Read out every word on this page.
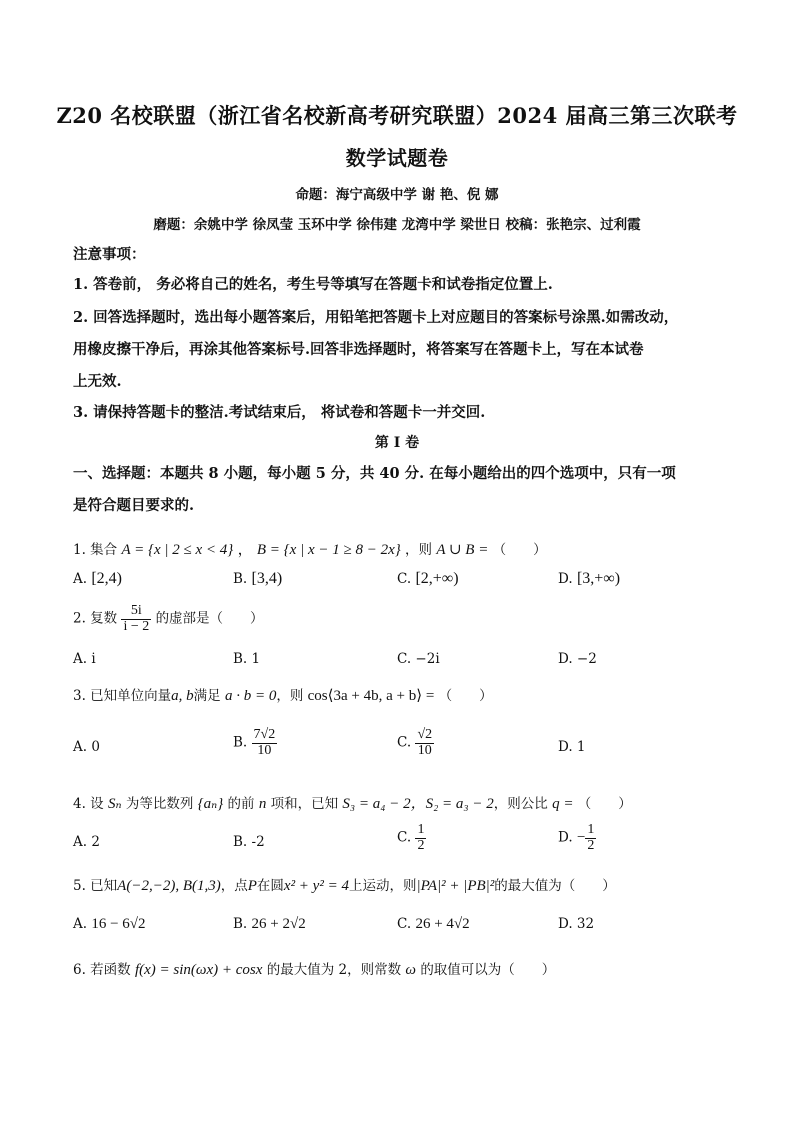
Z20 名校联盟（浙江省名校新高考研究联盟）2024 届高三第三次联考
数学试题卷
命题：海宁高级中学 谢 艳、倪 娜
磨题：余姚中学 徐凤莹 玉环中学 徐伟建 龙湾中学 梁世日 校稿：张艳宗、过利霞
注意事项：
1. 答卷前， 务必将自己的姓名，考生号等填写在答题卡和试卷指定位置上.
2. 回答选择题时，选出每小题答案后，用铅笔把答题卡上对应题目的答案标号涂黑.如需改动，
用橡皮擦干净后，再涂其他答案标号.回答非选择题时，将答案写在答题卡上，写在本试卷
上无效.
3. 请保持答题卡的整洁.考试结束后， 将试卷和答题卡一并交回.
第 I 卷
一、选择题：本题共 8 小题，每小题 5 分，共 40 分. 在每小题给出的四个选项中，只有一项
是符合题目要求的.
1. 集合 A = {x | 2 ≤ x < 4} ， B = {x | x − 1 ≥ 8 − 2x} ，则 A ∪ B = （　　）
A. [2,4)	B. [3,4)	C. [2,+∞)	D. [3,+∞)
2. 复数 $\frac{5i}{i - 2}$ 的虚部是（　　）
A. i	B. 1	C. −2i	D. −2
3. 已知单位向量a, b满足 a · b = 0，则 cos⟨3a + 4b, a + b⟩ = （　　）
A. 0	B. $\frac{7√2}{10}$	C. $\frac{√2}{10}$	D. 1
4. 设 Sₙ 为等比数列 {aₙ} 的前 n 项和，已知 S₃ = a₄ − 2，S₂ = a₃ − 2，则公比 q = （　　）
A. 2	B. -2	C. $\frac{1}{2}$	D. − $\frac{1}{2}$
5. 已知A(−2,−2), B(1,3)，点P在圆x² + y² = 4上运动，则|PA|² + |PB|²的最大值为（　　）
A. 16 − 6√2	B. 26 + 2√2	C. 26 + 4√2	D. 32
6. 若函数 f(x) = sin(ωx) + cosx 的最大值为 2，则常数 ω 的取值可以为（　　）
